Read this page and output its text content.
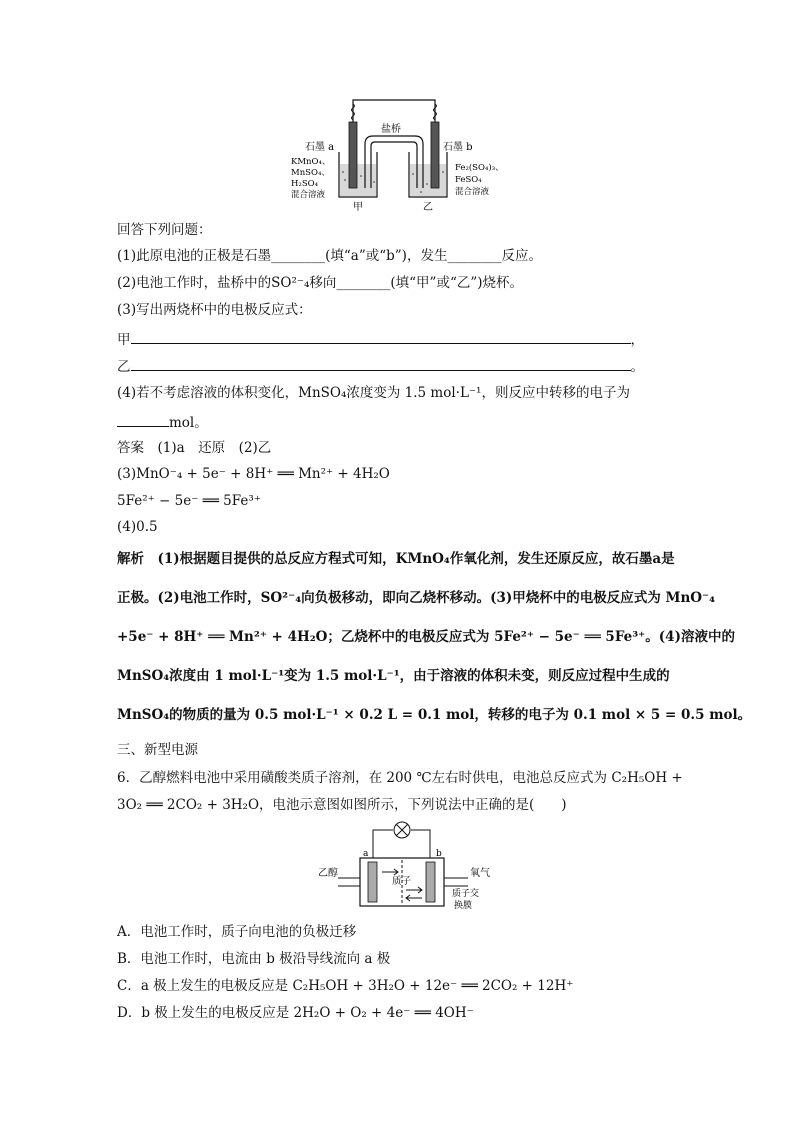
石墨 a	石墨 b
盐桥
KMnO₄、
MnSO₄、
H₂SO₄
混合溶液
Fe₂(SO₄)₃、
FeSO₄
混合溶液
甲	乙
回答下列问题：
(1)此原电池的正极是石墨________(填“a”或“b”)，发生________反应。
(2)电池工作时，盐桥中的SO²⁻₄移向________(填“甲”或“乙”)烧杯。
(3)写出两烧杯中的电极反应式：
甲	，
乙	。
(4)若不考虑溶液的体积变化，MnSO₄浓度变为 1.5 mol·L⁻¹，则反应中转移的电子为
mol。
答案　(1)a　还原　(2)乙
(3)MnO⁻₄ + 5e⁻ + 8H⁺ ══ Mn²⁺ + 4H₂O
5Fe²⁺ − 5e⁻ ══ 5Fe³⁺
(4)0.5
解析　(1)根据题目提供的总反应方程式可知，KMnO₄作氧化剂，发生还原反应，故石墨a是
正极。(2)电池工作时，SO²⁻₄向负极移动，即向乙烧杯移动。(3)甲烧杯中的电极反应式为 MnO⁻₄
+5e⁻ + 8H⁺ ══ Mn²⁺ + 4H₂O；乙烧杯中的电极反应式为 5Fe²⁺ − 5e⁻ ══ 5Fe³⁺。(4)溶液中的
MnSO₄浓度由 1 mol·L⁻¹变为 1.5 mol·L⁻¹，由于溶液的体积未变，则反应过程中生成的
MnSO₄的物质的量为 0.5 mol·L⁻¹ × 0.2 L = 0.1 mol，转移的电子为 0.1 mol × 5 = 0.5 mol。
三、新型电源
6．乙醇燃料电池中采用磺酸类质子溶剂，在 200 ℃左右时供电，电池总反应式为 C₂H₅OH +
3O₂ ══ 2CO₂ + 3H₂O，电池示意图如图所示，下列说法中正确的是(　　)
a	b
乙醇	氧气
质子
质子交
换膜
A．电池工作时，质子向电池的负极迁移
B．电池工作时，电流由 b 极沿导线流向 a 极
C．a 极上发生的电极反应是 C₂H₅OH + 3H₂O + 12e⁻ ══ 2CO₂ + 12H⁺
D．b 极上发生的电极反应是 2H₂O + O₂ + 4e⁻ ══ 4OH⁻
